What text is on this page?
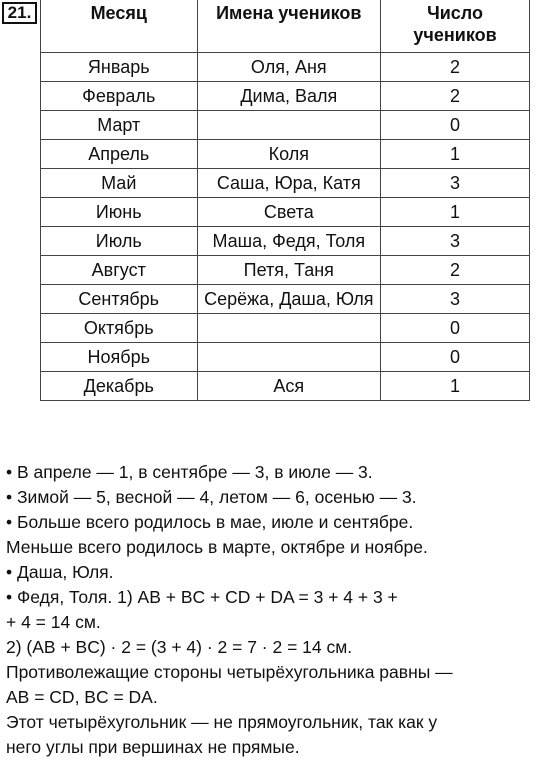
21.	Месяц	Имена учеников	Число учеников
Январь	Оля, Аня	2
Февраль	Дима, Валя	2
Март		0
Апрель	Коля	1
Май	Саша, Юра, Катя	3
Июнь	Света	1
Июль	Маша, Федя, Толя	3
Август	Петя, Таня	2
Сентябрь	Серёжа, Даша, Юля	3
Октябрь		0
Ноябрь		0
Декабрь	Ася	1

• В апреле — 1, в сентябре — 3, в июле — 3.

• Зимой — 5, весной — 4, летом — 6, осенью — 3.

• Больше всего родилось в мае, июле и сентябре.

Меньше всего родилось в марте, октябре и ноябре.

• Даша, Юля.

• Федя, Толя. 1) AB + BC + CD + DA = 3 + 4 + 3 +

+ 4 = 14 см.

2) (AB + BC) · 2 = (3 + 4) · 2 = 7 · 2 = 14 см.

Противолежащие стороны четырёхугольника равны —

AB = CD, BC = DA.

Этот четырёхугольник — не прямоугольник, так как у

него углы при вершинах не прямые.
